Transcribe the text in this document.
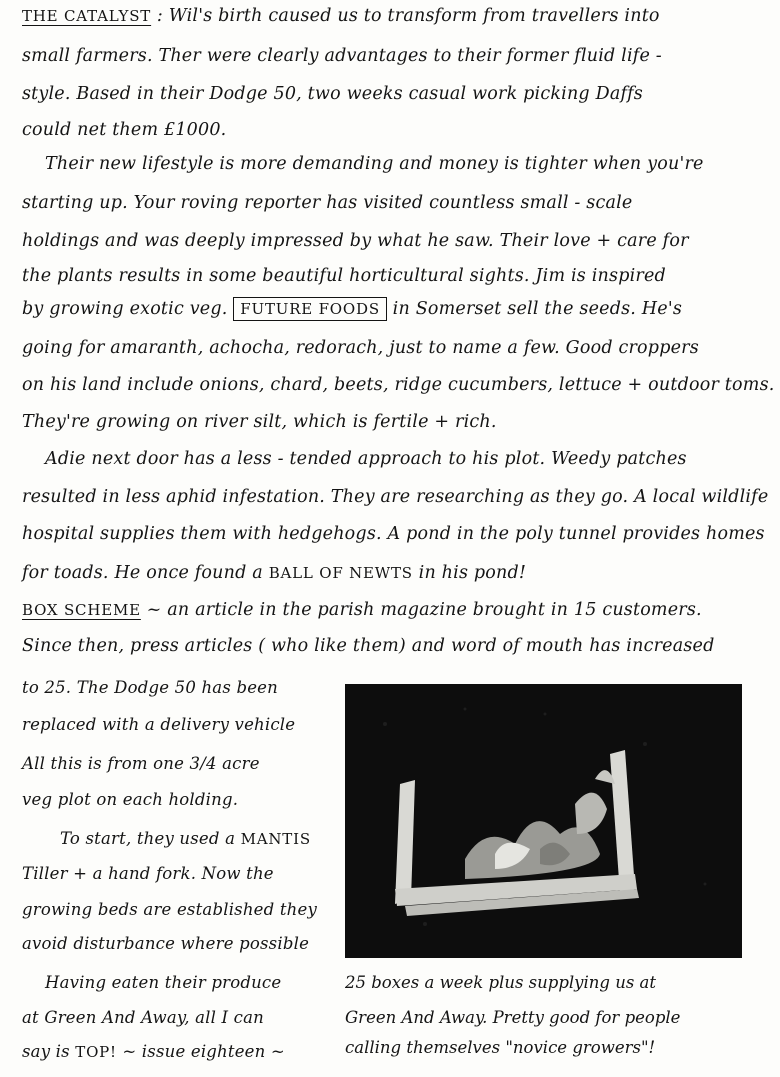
THE CATALYST : Wil's birth caused us to transform from travellers into
small farmers. Ther were clearly advantages to their former fluid life -
style. Based in their Dodge 50, two weeks casual work picking Daffs
could net them £1000.
Their new lifestyle is more demanding and money is tighter when you're
starting up. Your roving reporter has visited countless small - scale
holdings and was deeply impressed by what he saw. Their love + care for
the plants results in some beautiful horticultural sights. Jim is inspired
by growing exotic veg. FUTURE FOODS in Somerset sell the seeds. He's
going for amaranth, achocha, redorach, just to name a few. Good croppers
on his land include onions, chard, beets, ridge cucumbers, lettuce + outdoor toms.
They're growing on river silt, which is fertile + rich.
Adie next door has a less - tended approach to his plot. Weedy patches
resulted in less aphid infestation. They are researching as they go. A local wildlife
hospital supplies them with hedgehogs. A pond in the poly tunnel provides homes
for toads. He once found a BALL OF NEWTS in his pond!
BOX SCHEME ~ an article in the parish magazine brought in 15 customers.
Since then, press articles ( who like them) and word of mouth has increased
to 25. The Dodge 50 has been
replaced with a delivery vehicle
All this is from one 3/4 acre
veg plot on each holding.
To start, they used a MANTIS
Tiller + a hand fork. Now the
growing beds are established they
avoid disturbance where possible
Having eaten their produce
at Green And Away, all I can
say is TOP! ~ issue eighteen ~
25 boxes a week plus supplying us at
Green And Away. Pretty good for people
calling themselves "novice growers"!
